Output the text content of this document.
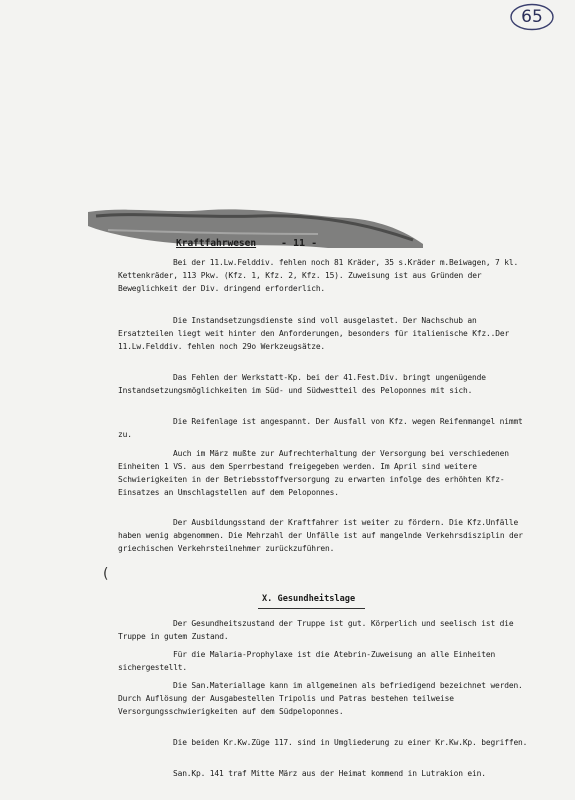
65
Kraftfahrwesen - 11 -
Bei der 11.Lw.Felddiv. fehlen noch 81 Kräder, 35 s.Kräder m.Beiwagen, 7 kl. Kettenkräder, 113 Pkw. (Kfz. 1, Kfz. 2, Kfz. 15). Zuweisung ist aus Gründen der Beweglichkeit der Div. dringend erforderlich.
Die Instandsetzungsdienste sind voll ausgelastet. Der Nachschub an Ersatzteilen liegt weit hinter den Anforderungen, besonders für italienische Kfz..Der 11.Lw.Felddiv. fehlen noch 29o Werkzeugsätze.
Das Fehlen der Werkstatt-Kp. bei der 41.Fest.Div. bringt ungenügende Instandsetzungsmöglichkeiten im Süd- und Südwestteil des Peloponnes mit sich.
Die Reifenlage ist angespannt. Der Ausfall von Kfz. wegen Reifenmangel nimmt zu.
Auch im März mußte zur Aufrechterhaltung der Versorgung bei verschiedenen Einheiten 1 VS. aus dem Sperrbestand freigegeben werden. Im April sind weitere Schwierigkeiten in der Betriebsstoffversorgung zu erwarten infolge des erhöhten Kfz-Einsatzes an Umschlagstellen auf dem Peloponnes.
Der Ausbildungsstand der Kraftfahrer ist weiter zu fördern. Die Kfz.Unfälle haben wenig abgenommen. Die Mehrzahl der Unfälle ist auf mangelnde Verkehrsdisziplin der griechischen Verkehrsteilnehmer zurückzuführen.
(
X. Gesundheitslage
Der Gesundheitszustand der Truppe ist gut. Körperlich und seelisch ist die Truppe in gutem Zustand.
Für die Malaria-Prophylaxe ist die Atebrin-Zuweisung an alle Einheiten sichergestellt.
Die San.Materiallage kann im allgemeinen als befriedigend bezeichnet werden. Durch Auflösung der Ausgabestellen Tripolis und Patras bestehen teilweise Versorgungsschwierigkeiten auf dem Südpeloponnes.
Die beiden Kr.Kw.Züge 117. sind in Umgliederung zu einer Kr.Kw.Kp. begriffen.
San.Kp. 141 traf Mitte März aus der Heimat kommend in Lutrakion ein.
